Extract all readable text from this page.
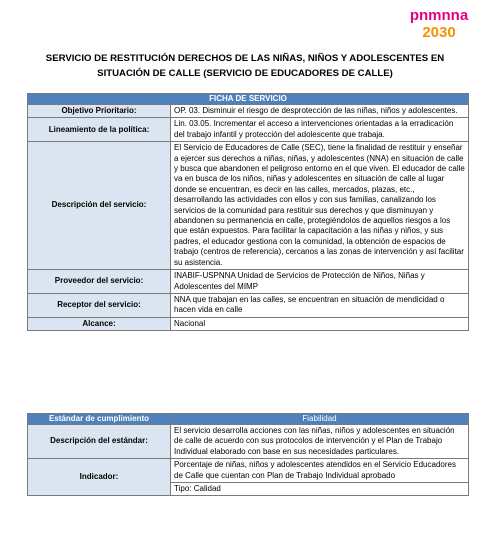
pnmnna
2030
SERVICIO DE RESTITUCIÓN DERECHOS DE LAS NIÑAS, NIÑOS Y ADOLESCENTES EN SITUACIÓN DE CALLE (SERVICIO DE EDUCADORES DE CALLE)
FICHA DE SERVICIO	
Objetivo Prioritario:	OP. 03. Disminuir el riesgo de desprotección de las niñas, niños y adolescentes.
Lineamiento de la política:	Lin. 03.05. Incrementar el acceso a intervenciones orientadas a la erradicación del trabajo infantil y protección del adolescente que trabaja.
Descripción del servicio:	El Servicio de Educadores de Calle (SEC), tiene la finalidad de restituir y enseñar a ejercer sus derechos a niñas, niñas, y adolescentes (NNA) en situación de calle y busca que abandonen el peligroso entorno en el que viven. El educador de calle va en busca de los niños, niñas y adolescentes en situación de calle al lugar donde se encuentran, es decir en las calles, mercados, plazas, etc., desarrollando las actividades con ellos y con sus familias, canalizando los servicios de la comunidad para restituir sus derechos y que disminuyan y abandonen su permanencia en calle, protegiéndolos de aquellos riesgos a los que están expuestos. Para facilitar la capacitación a las niñas y niños, y sus padres, el educador gestiona con la comunidad, la obtención de espacios de trabajo (centros de referencia), cercanos a las zonas de intervención y así facilitar su asistencia.
Proveedor del servicio:	INABIF-USPNNA Unidad de Servicios de Protección de Niños, Niñas y Adolescentes del MIMP
Receptor del servicio:	NNA que trabajan en las calles, se encuentran en situación de mendicidad o hacen vida en calle
Alcance:	Nacional
Estándar de cumplimiento	Fiabilidad
Descripción del estándar:	El servicio desarrolla acciones con las niñas, niños y adolescentes en situación de calle de acuerdo con sus protocolos de intervención y el Plan de Trabajo Individual elaborado con base en sus necesidades particulares.
Indicador:	Porcentaje de niñas, niños y adolescentes atendidos en el Servicio Educadores de Calle que cuentan con Plan de Trabajo Individual aprobado
	Tipo: Calidad
